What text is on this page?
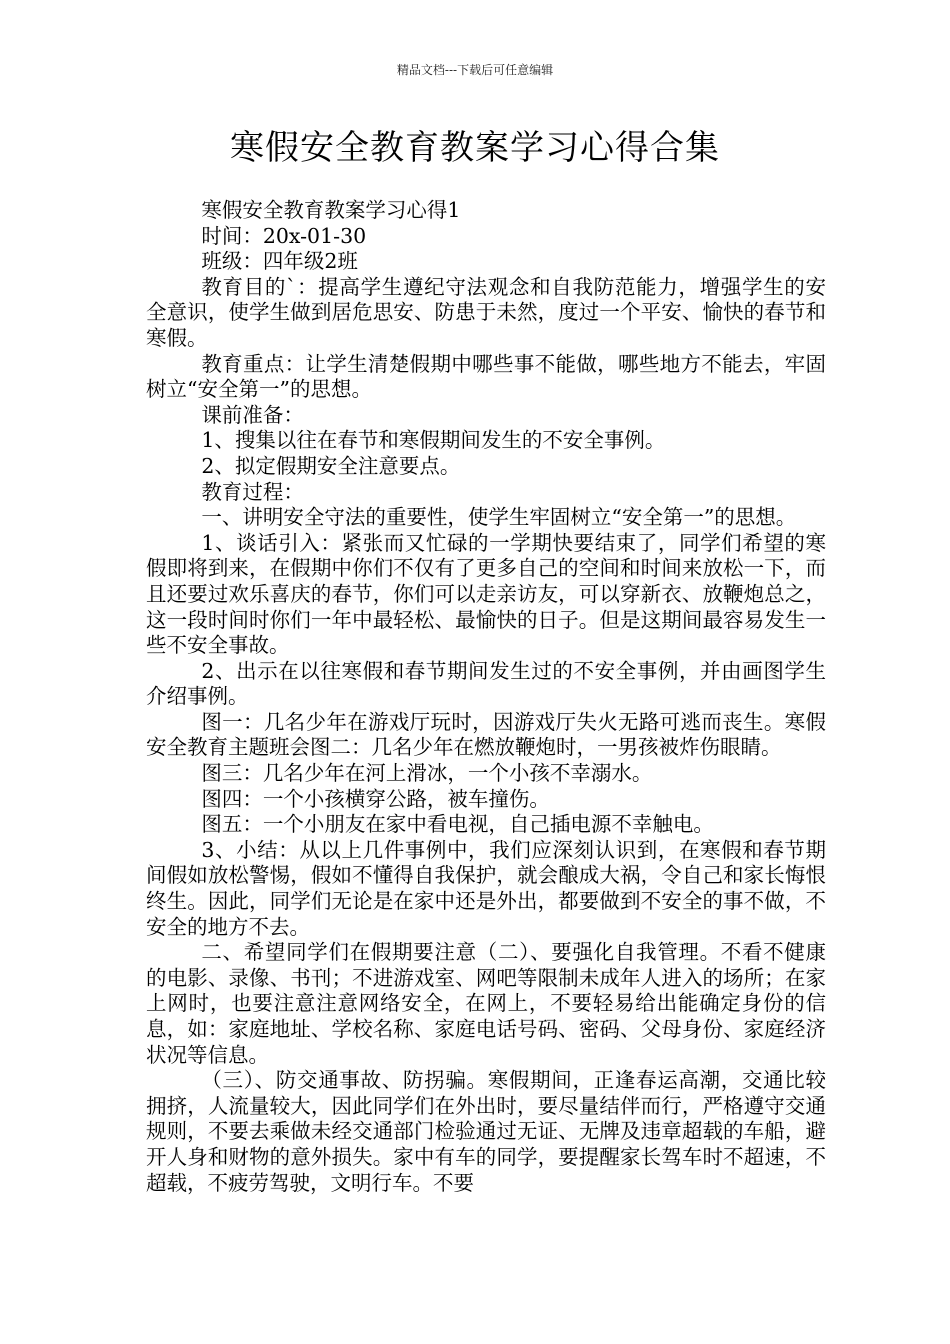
精品文档---下载后可任意编辑
寒假安全教育教案学习心得合集

寒假安全教育教案学习心得1

时间：20x-01-30

班级：四年级2班

教育目的`：提高学生遵纪守法观念和自我防范能力，增强学生的安全意识，使学生做到居危思安、防患于未然，度过一个平安、愉快的春节和寒假。

教育重点：让学生清楚假期中哪些事不能做，哪些地方不能去，牢固树立“安全第一”的思想。

课前准备：

1、搜集以往在春节和寒假期间发生的不安全事例。

2、拟定假期安全注意要点。

教育过程：

一、讲明安全守法的重要性，使学生牢固树立“安全第一”的思想。

1、谈话引入：紧张而又忙碌的一学期快要结束了，同学们希望的寒假即将到来，在假期中你们不仅有了更多自己的空间和时间来放松一下，而且还要过欢乐喜庆的春节，你们可以走亲访友，可以穿新衣、放鞭炮总之，这一段时间时你们一年中最轻松、最愉快的日子。但是这期间最容易发生一些不安全事故。

2、出示在以往寒假和春节期间发生过的不安全事例，并由画图学生介绍事例。

图一：几名少年在游戏厅玩时，因游戏厅失火无路可逃而丧生。寒假安全教育主题班会图二：几名少年在燃放鞭炮时，一男孩被炸伤眼睛。

图三：几名少年在河上滑冰，一个小孩不幸溺水。

图四：一个小孩横穿公路，被车撞伤。

图五：一个小朋友在家中看电视，自己插电源不幸触电。

3、小结：从以上几件事例中，我们应深刻认识到，在寒假和春节期间假如放松警惕，假如不懂得自我保护，就会酿成大祸，令自己和家长悔恨终生。因此，同学们无论是在家中还是外出，都要做到不安全的事不做，不安全的地方不去。

二、希望同学们在假期要注意（二）、要强化自我管理。不看不健康的电影、录像、书刊；不进游戏室、网吧等限制未成年人进入的场所；在家上网时，也要注意注意网络安全，在网上，不要轻易给出能确定身份的信息，如：家庭地址、学校名称、家庭电话号码、密码、父母身份、家庭经济状况等信息。

（三）、防交通事故、防拐骗。寒假期间，正逢春运高潮，交通比较拥挤，人流量较大，因此同学们在外出时，要尽量结伴而行，严格遵守交通规则，不要去乘做未经交通部门检验通过无证、无牌及违章超载的车船，避开人身和财物的意外损失。家中有车的同学，要提醒家长驾车时不超速，不超载，不疲劳驾驶，文明行车。不要
